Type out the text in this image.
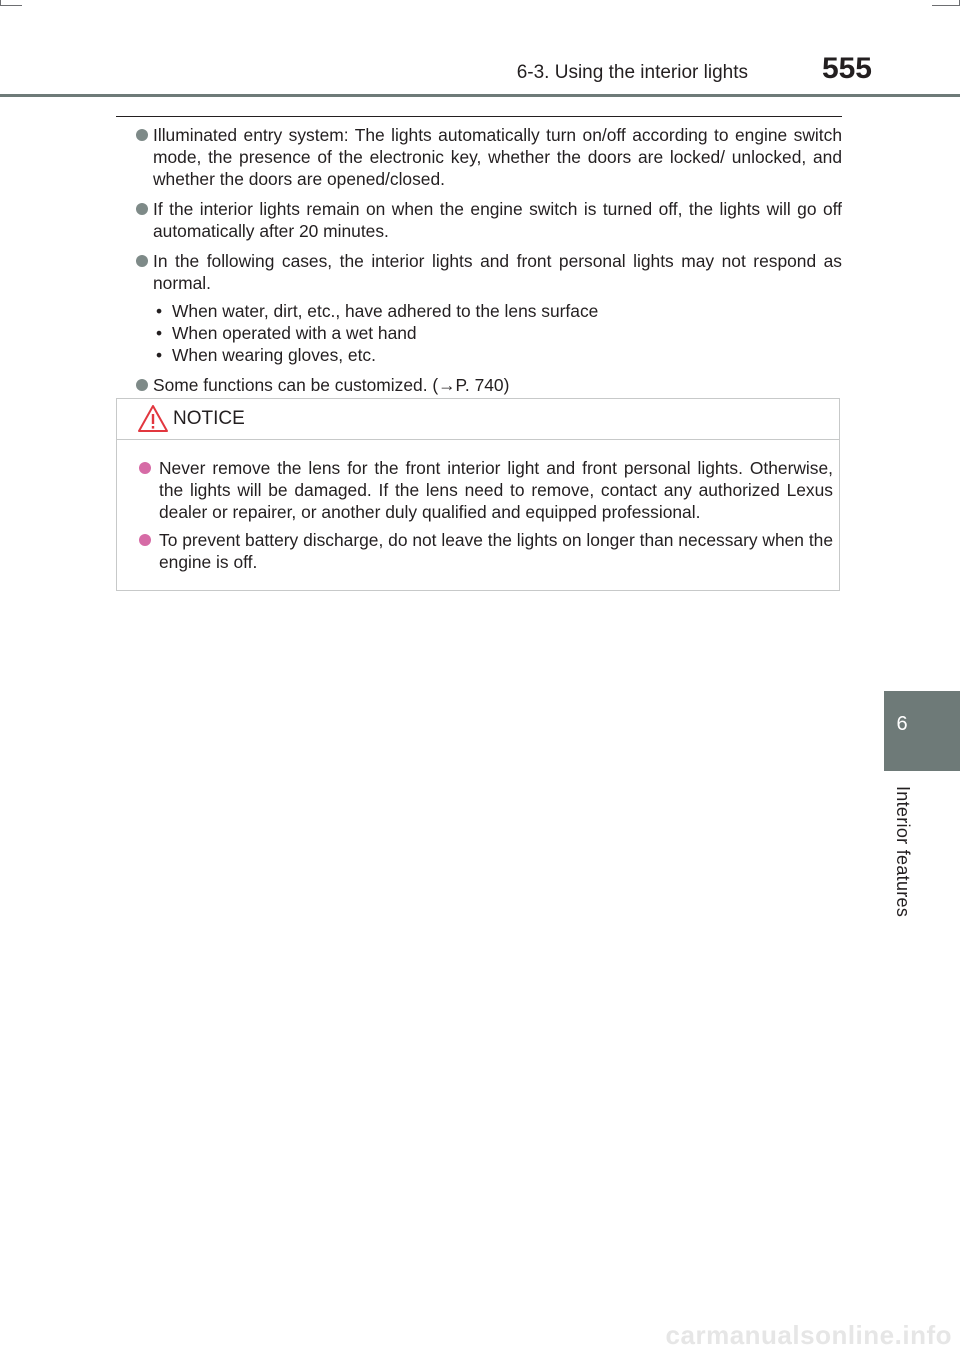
6-3. Using the interior lights	555
Illuminated entry system: The lights automatically turn on/off according to engine switch mode, the presence of the electronic key, whether the doors are locked/ unlocked, and whether the doors are opened/closed.
If the interior lights remain on when the engine switch is turned off, the lights will go off automatically after 20 minutes.
In the following cases, the interior lights and front personal lights may not respond as normal.
• When water, dirt, etc., have adhered to the lens surface
• When operated with a wet hand
• When wearing gloves, etc.
Some functions can be customized. (→P. 740)
NOTICE
Never remove the lens for the front interior light and front personal lights. Otherwise, the lights will be damaged. If the lens need to remove, contact any authorized Lexus dealer or repairer, or another duly qualified and equipped professional.
To prevent battery discharge, do not leave the lights on longer than necessary when the engine is off.
6
Interior features
carmanualsonline.info
